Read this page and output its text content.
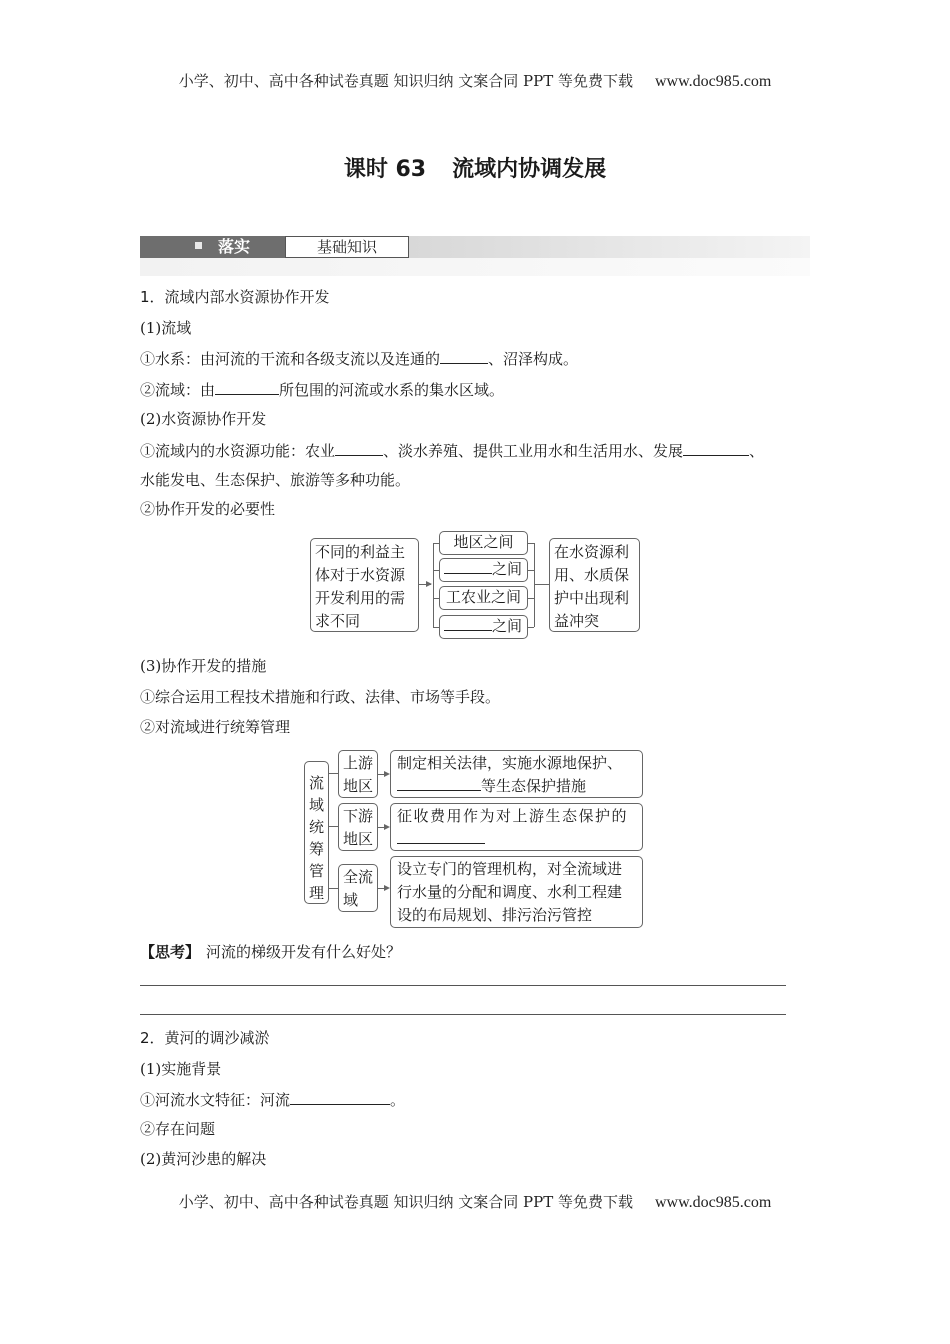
小学、初中、高中各种试卷真题 知识归纳 文案合同 PPT 等免费下载 www.doc985.com
课时 63 流域内协调发展
落实	基础知识
1．流域内部水资源协作开发
(1)流域
①水系：由河流的干流和各级支流以及连通的	、沼泽构成。
②流域：由	所包围的河流或水系的集水区域。
(2)水资源协作开发
①流域内的水资源功能：农业	、淡水养殖、提供工业用水和生活用水、发展	、
水能发电、生态保护、旅游等多种功能。
②协作开发的必要性
不同的利益主
体对于水资源
开发利用的需
求不同
地区之间
之间
工农业之间
之间
在水资源利
用、水质保
护中出现利
益冲突
(3)协作开发的措施
①综合运用工程技术措施和行政、法律、市场等手段。
②对流域进行统筹管理
流
域
统
筹
管
理
上游
地区
下游
地区
全流
域
制定相关法律，实施水源地保护、
等生态保护措施
征收费用作为对上游生态保护的
设立专门的管理机构，对全流域进
行水量的分配和调度、水利工程建
设的布局规划、排污治污管控
【思考】 河流的梯级开发有什么好处？
2．黄河的调沙减淤
(1)实施背景
①河流水文特征：河流	。
②存在问题
(2)黄河沙患的解决
小学、初中、高中各种试卷真题 知识归纳 文案合同 PPT 等免费下载 www.doc985.com
